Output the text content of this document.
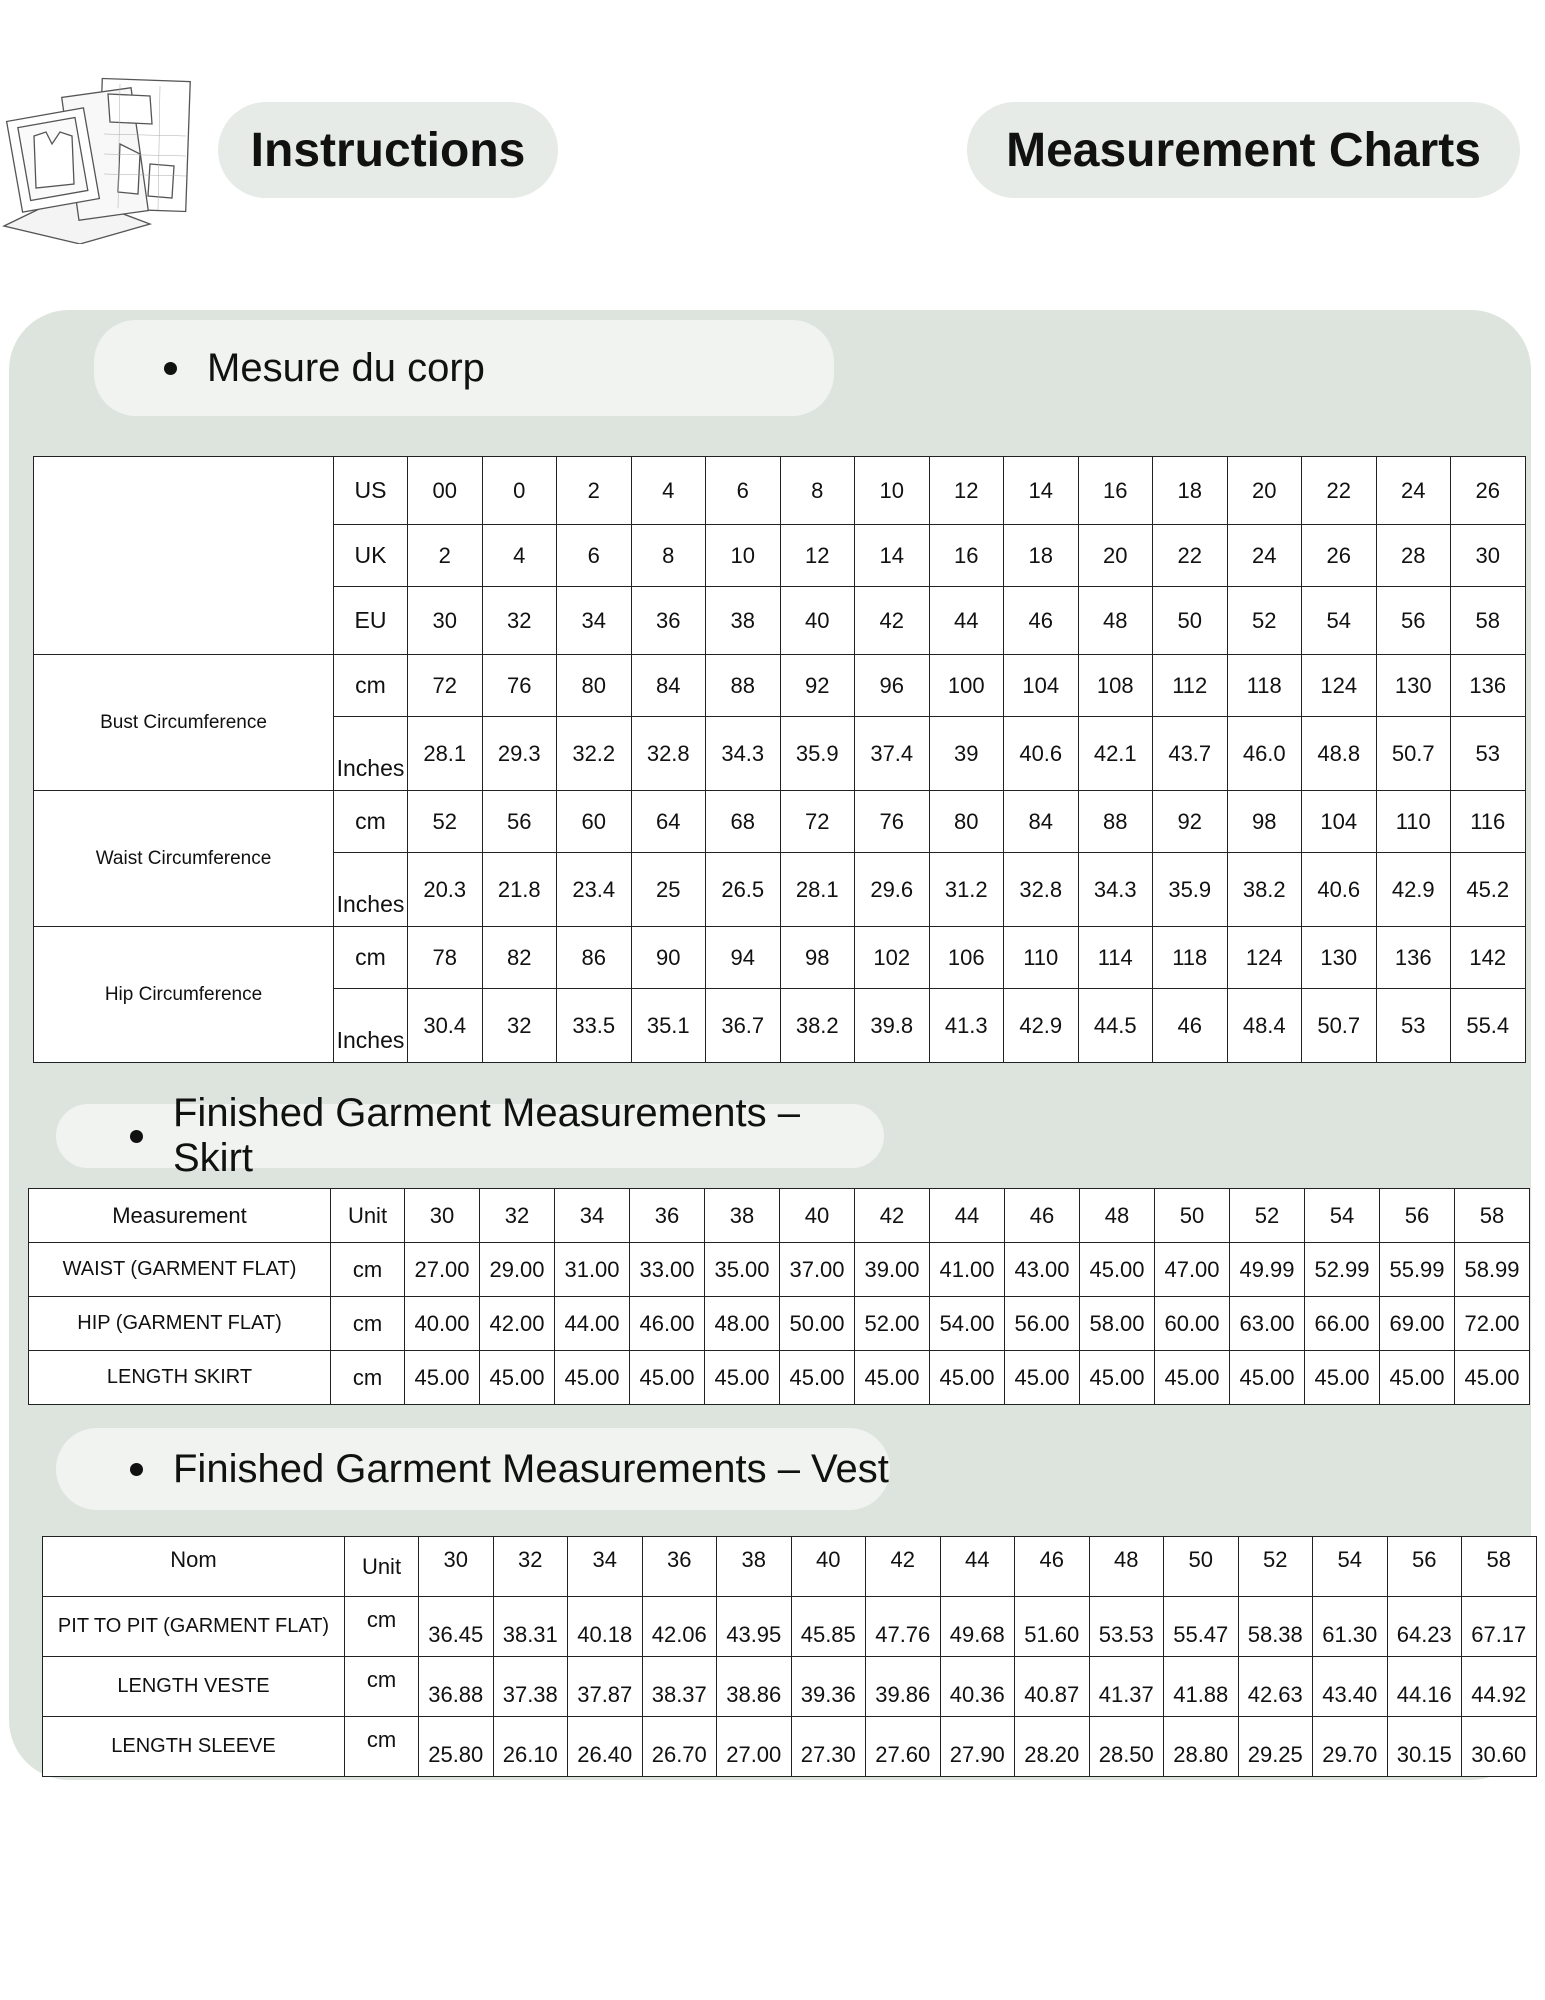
Instructions	Measurement Charts
Mesure du corp
	US	00	0	2	4	6	8	10	12	14	16	18	20	22	24	26
	UK	2	4	6	8	10	12	14	16	18	20	22	24	26	28	30
	EU	30	32	34	36	38	40	42	44	46	48	50	52	54	56	58
Bust Circumference	cm	72	76	80	84	88	92	96	100	104	108	112	118	124	130	136
	Inches	28.1	29.3	32.2	32.8	34.3	35.9	37.4	39	40.6	42.1	43.7	46.0	48.8	50.7	53
Waist Circumference	cm	52	56	60	64	68	72	76	80	84	88	92	98	104	110	116
	Inches	20.3	21.8	23.4	25	26.5	28.1	29.6	31.2	32.8	34.3	35.9	38.2	40.6	42.9	45.2
Hip Circumference	cm	78	82	86	90	94	98	102	106	110	114	118	124	130	136	142
	Inches	30.4	32	33.5	35.1	36.7	38.2	39.8	41.3	42.9	44.5	46	48.4	50.7	53	55.4
Finished Garment Measurements – Skirt
Measurement	Unit	30	32	34	36	38	40	42	44	46	48	50	52	54	56	58
WAIST (GARMENT FLAT)	cm	27.00	29.00	31.00	33.00	35.00	37.00	39.00	41.00	43.00	45.00	47.00	49.99	52.99	55.99	58.99
HIP (GARMENT FLAT)	cm	40.00	42.00	44.00	46.00	48.00	50.00	52.00	54.00	56.00	58.00	60.00	63.00	66.00	69.00	72.00
LENGTH SKIRT	cm	45.00	45.00	45.00	45.00	45.00	45.00	45.00	45.00	45.00	45.00	45.00	45.00	45.00	45.00	45.00
Finished Garment Measurements – Vest
Nom	Unit	30	32	34	36	38	40	42	44	46	48	50	52	54	56	58
PIT TO PIT (GARMENT FLAT)	cm	36.45	38.31	40.18	42.06	43.95	45.85	47.76	49.68	51.60	53.53	55.47	58.38	61.30	64.23	67.17
LENGTH VESTE	cm	36.88	37.38	37.87	38.37	38.86	39.36	39.86	40.36	40.87	41.37	41.88	42.63	43.40	44.16	44.92
LENGTH SLEEVE	cm	25.80	26.10	26.40	26.70	27.00	27.30	27.60	27.90	28.20	28.50	28.80	29.25	29.70	30.15	30.60
